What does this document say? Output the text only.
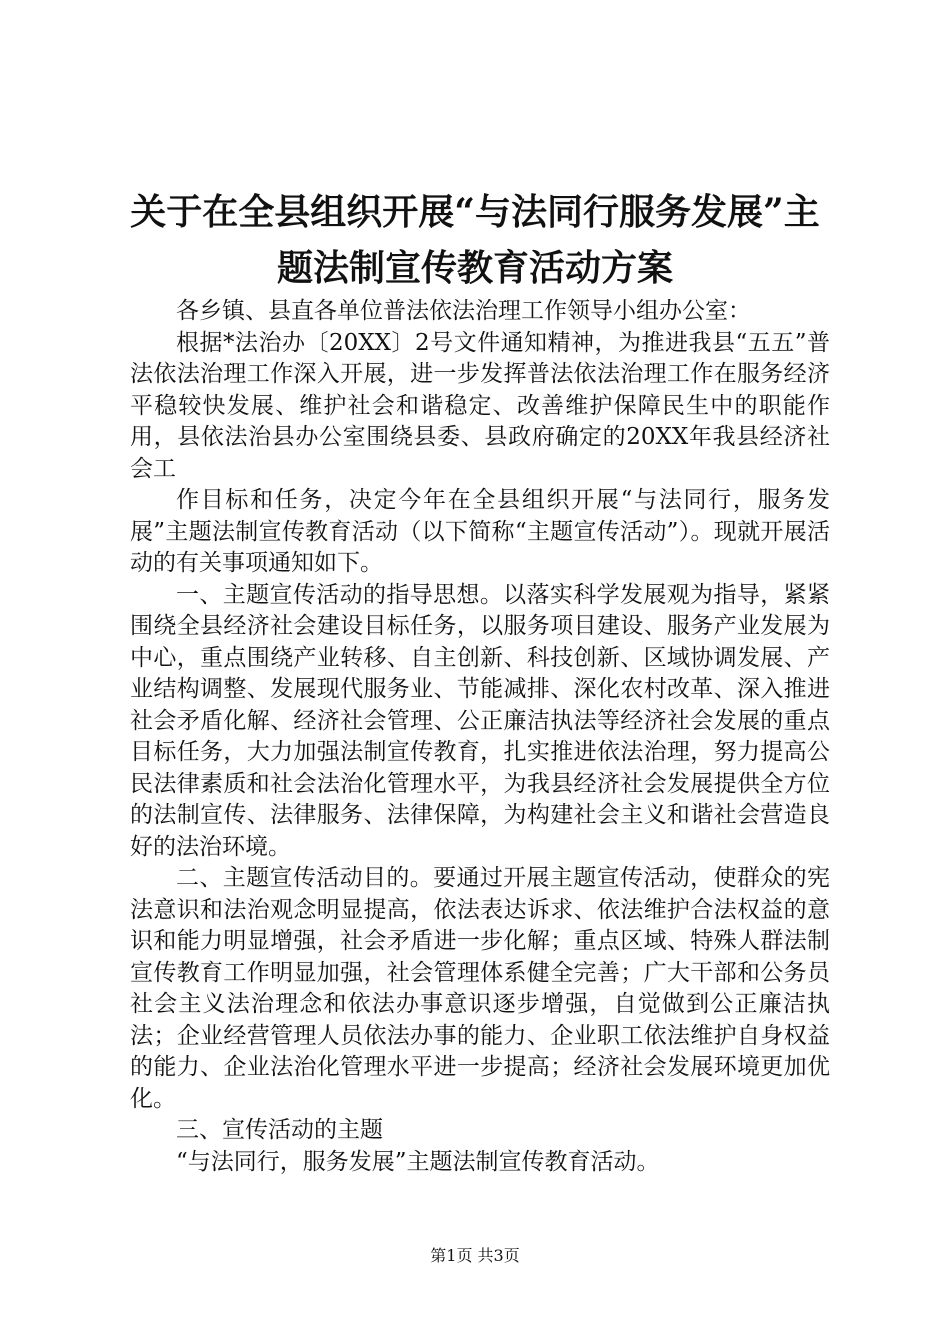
关于在全县组织开展“与法同行服务发展”主
题法制宣传教育活动方案

各乡镇、县直各单位普法依法治理工作领导小组办公室：

根据*法治办〔20XX〕2号文件通知精神，为推进我县“五五”普法依法治理工作深入开展，进一步发挥普法依法治理工作在服务经济平稳较快发展、维护社会和谐稳定、改善维护保障民生中的职能作用，县依法治县办公室围绕县委、县政府确定的20XX年我县经济社会工

作目标和任务，决定今年在全县组织开展“与法同行，服务发展”主题法制宣传教育活动（以下简称“主题宣传活动”）。现就开展活动的有关事项通知如下。

一、主题宣传活动的指导思想。以落实科学发展观为指导，紧紧围绕全县经济社会建设目标任务，以服务项目建设、服务产业发展为中心，重点围绕产业转移、自主创新、科技创新、区域协调发展、产业结构调整、发展现代服务业、节能减排、深化农村改革、深入推进社会矛盾化解、经济社会管理、公正廉洁执法等经济社会发展的重点目标任务，大力加强法制宣传教育，扎实推进依法治理，努力提高公民法律素质和社会法治化管理水平，为我县经济社会发展提供全方位的法制宣传、法律服务、法律保障，为构建社会主义和谐社会营造良好的法治环境。

二、主题宣传活动目的。要通过开展主题宣传活动，使群众的宪法意识和法治观念明显提高，依法表达诉求、依法维护合法权益的意识和能力明显增强，社会矛盾进一步化解；重点区域、特殊人群法制宣传教育工作明显加强，社会管理体系健全完善；广大干部和公务员社会主义法治理念和依法办事意识逐步增强，自觉做到公正廉洁执法；企业经营管理人员依法办事的能力、企业职工依法维护自身权益的能力、企业法治化管理水平进一步提高；经济社会发展环境更加优化。

三、宣传活动的主题

“与法同行，服务发展”主题法制宣传教育活动。

第1页 共3页
